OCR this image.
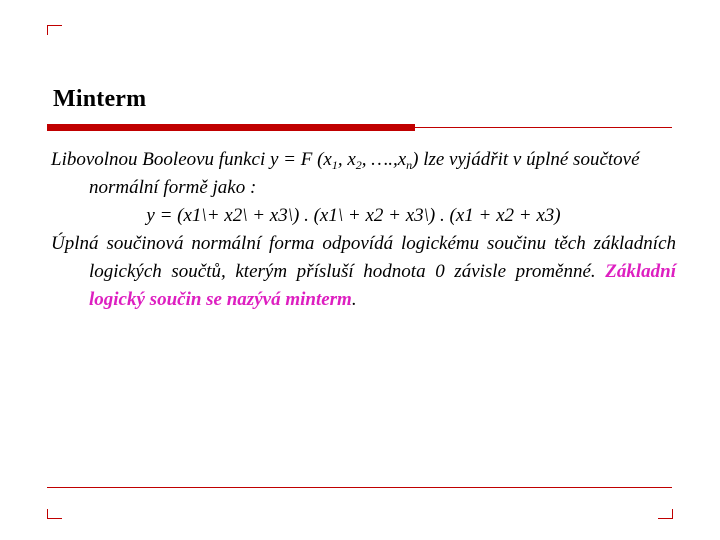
Minterm

Libovolnou Booleovu funkci y = F ($x_1$, $x_2$, $\dots.,x_n$) lze vyjádřit v úplné součtové normální formě jako :

y = (x1\+ x2\ + x3\) . (x1\ + x2 + x3\) . (x1 + x2 + x3)

Úplná součinová normální forma odpovídá logickému součinu těch základních logických součtů, kterým přísluší hodnota 0 závisle proměnné. Základní logický součin se nazývá minterm.
